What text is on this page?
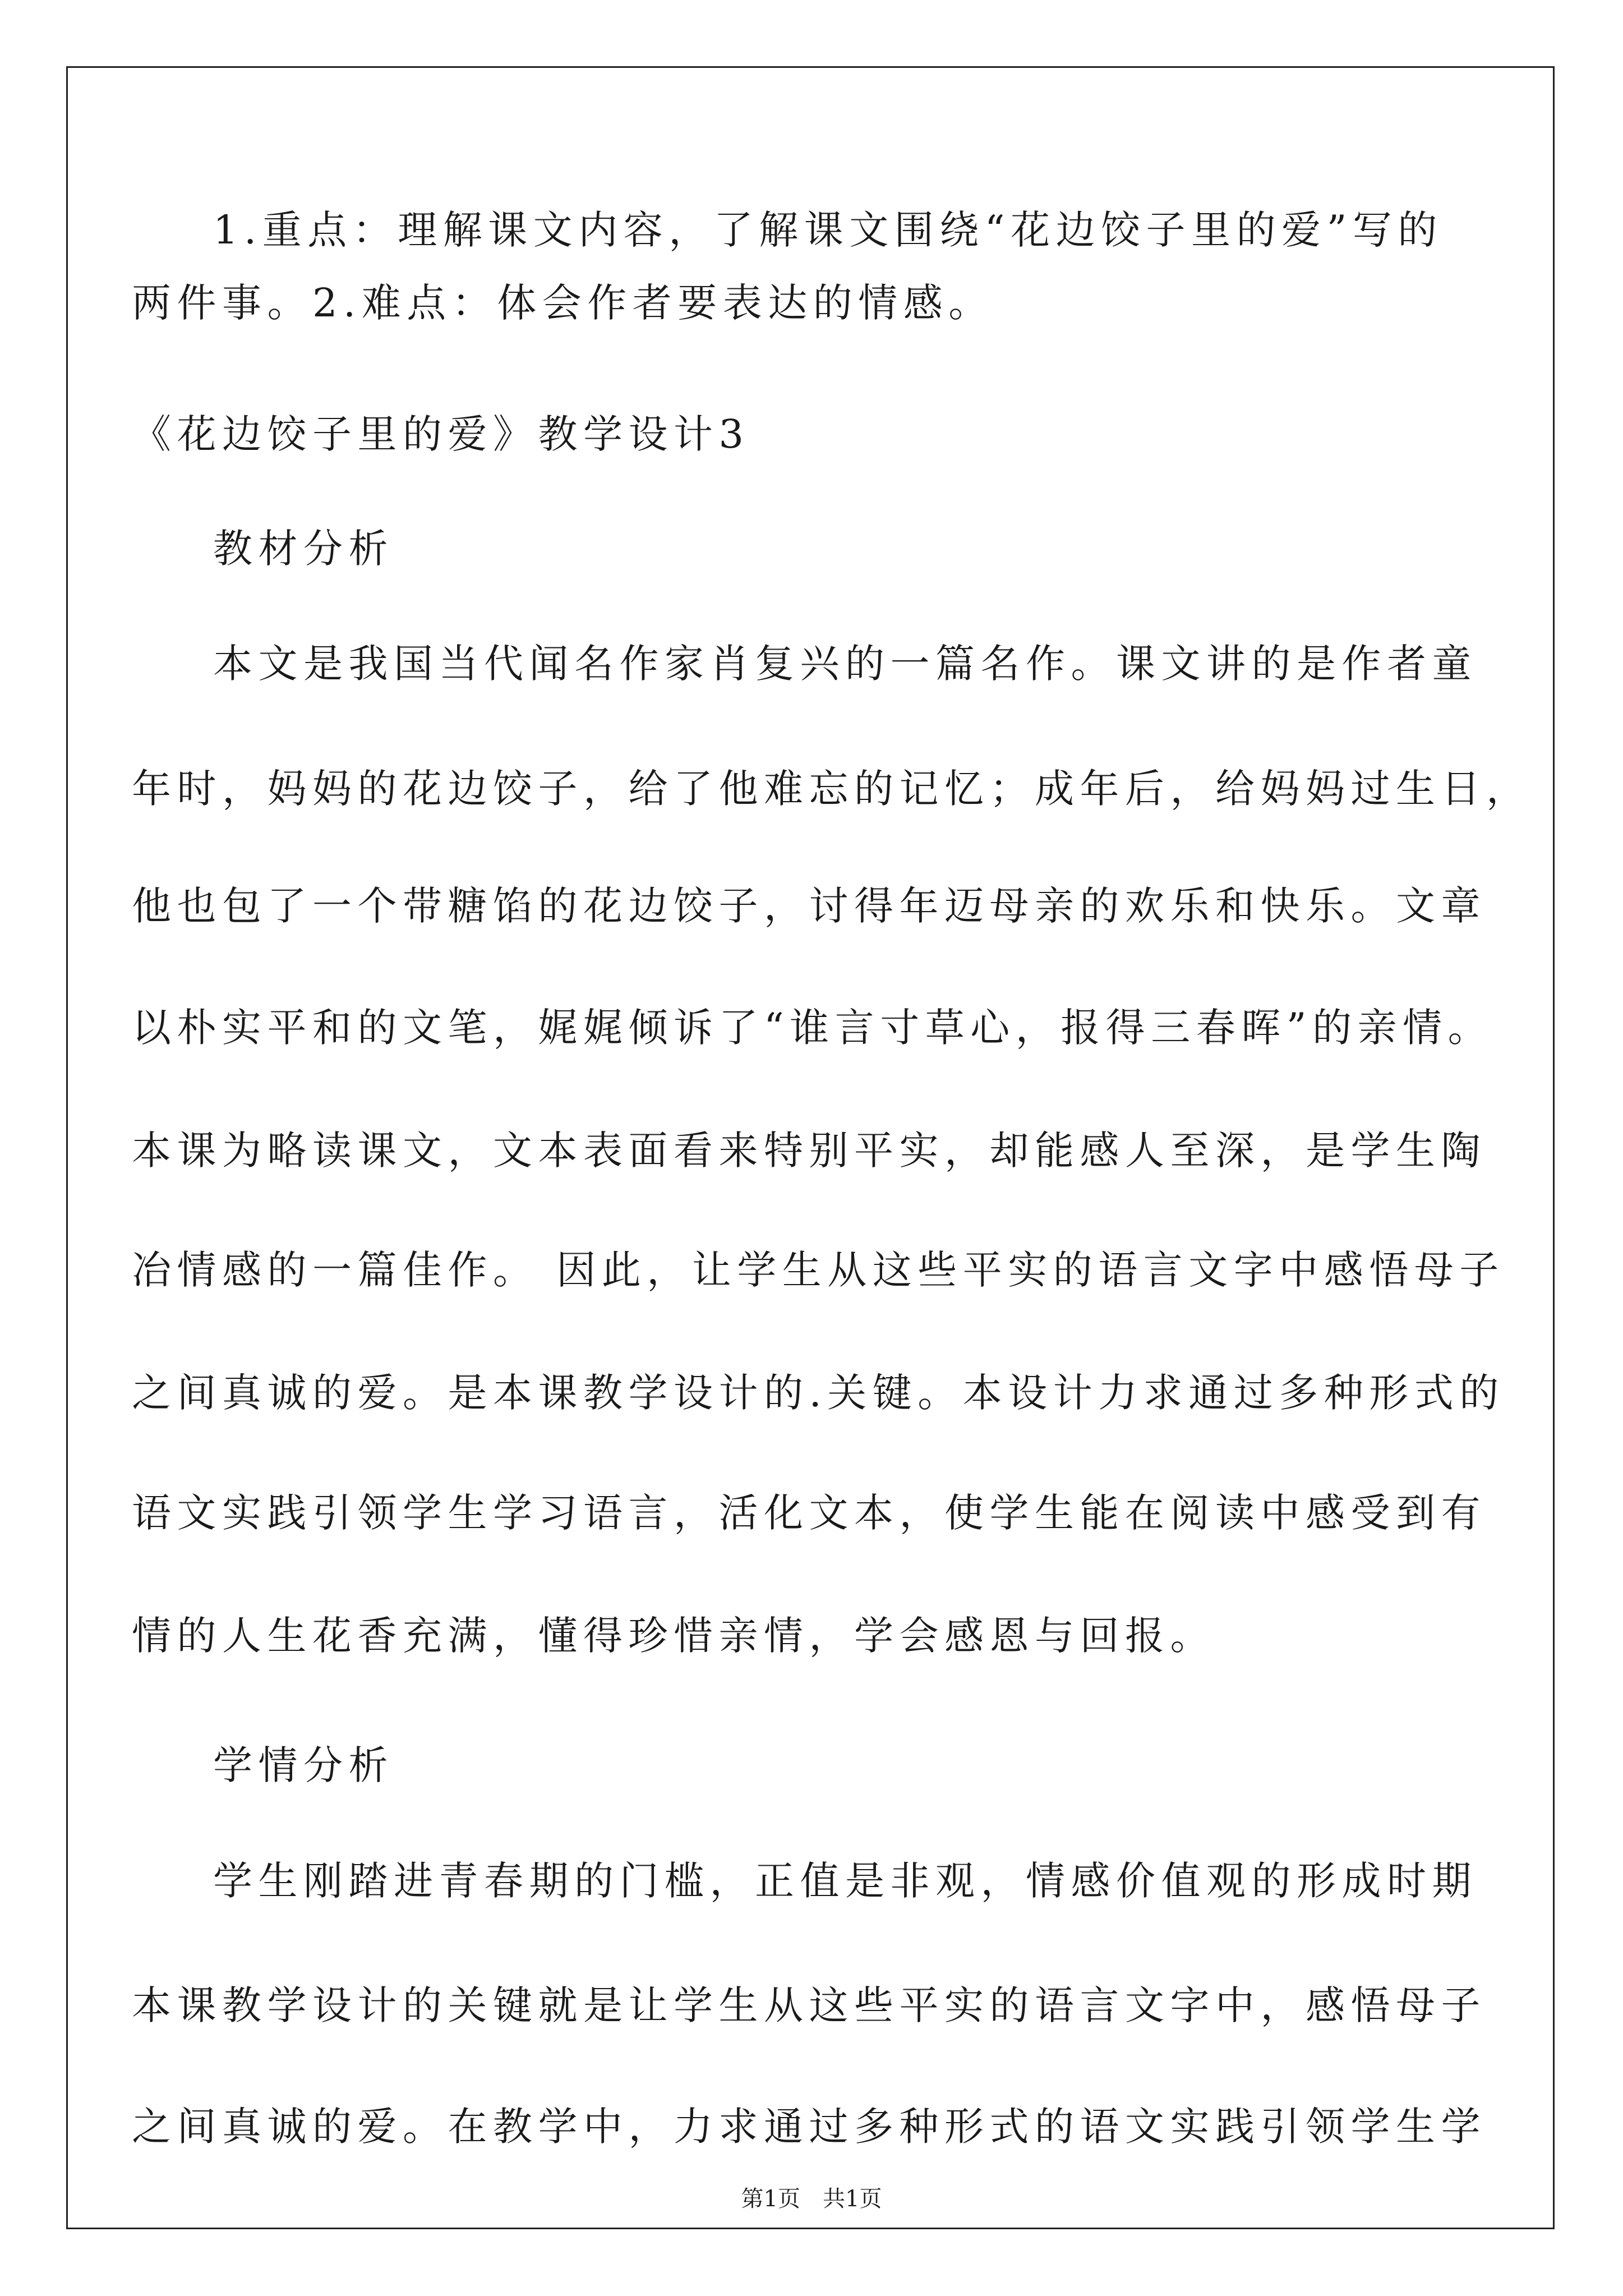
1.重点：理解课文内容，了解课文围绕“花边饺子里的爱”写的
两件事。2.难点：体会作者要表达的情感。
《花边饺子里的爱》教学设计3
教材分析
本文是我国当代闻名作家肖复兴的一篇名作。课文讲的是作者童
年时，妈妈的花边饺子，给了他难忘的记忆；成年后，给妈妈过生日，
他也包了一个带糖馅的花边饺子，讨得年迈母亲的欢乐和快乐。文章
以朴实平和的文笔，娓娓倾诉了“谁言寸草心，报得三春晖”的亲情。
本课为略读课文，文本表面看来特别平实，却能感人至深，是学生陶
冶情感的一篇佳作。 因此，让学生从这些平实的语言文字中感悟母子
之间真诚的爱。是本课教学设计的.关键。本设计力求通过多种形式的
语文实践引领学生学习语言，活化文本，使学生能在阅读中感受到有
情的人生花香充满，懂得珍惜亲情，学会感恩与回报。
学情分析
学生刚踏进青春期的门槛，正值是非观，情感价值观的形成时期
本课教学设计的关键就是让学生从这些平实的语言文字中，感悟母子
之间真诚的爱。在教学中，力求通过多种形式的语文实践引领学生学
第1页　共1页
